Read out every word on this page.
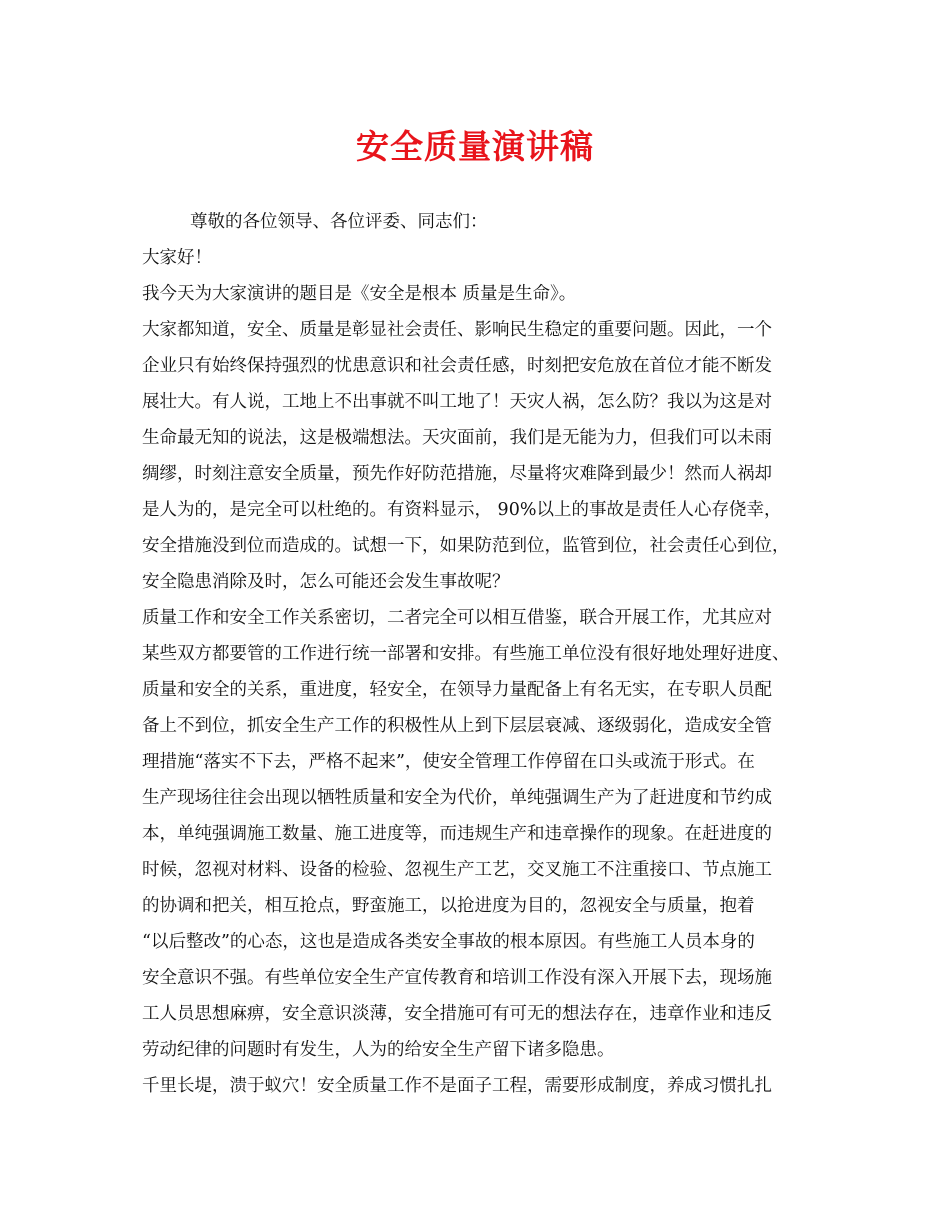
安全质量演讲稿
尊敬的各位领导、各位评委、同志们：
大家好！
我今天为大家演讲的题目是《安全是根本 质量是生命》。
大家都知道，安全、质量是彰显社会责任、影响民生稳定的重要问题。因此，一个
企业只有始终保持强烈的忧患意识和社会责任感，时刻把安危放在首位才能不断发
展壮大。有人说，工地上不出事就不叫工地了！天灾人祸，怎么防？我以为这是对
生命最无知的说法，这是极端想法。天灾面前，我们是无能为力，但我们可以未雨
绸缪，时刻注意安全质量，预先作好防范措施，尽量将灾难降到最少！然而人祸却
是人为的，是完全可以杜绝的。有资料显示， 90%以上的事故是责任人心存侥幸，
安全措施没到位而造成的。试想一下，如果防范到位，监管到位，社会责任心到位，
安全隐患消除及时，怎么可能还会发生事故呢？
质量工作和安全工作关系密切，二者完全可以相互借鉴，联合开展工作，尤其应对
某些双方都要管的工作进行统一部署和安排。有些施工单位没有很好地处理好进度、
质量和安全的关系，重进度，轻安全，在领导力量配备上有名无实，在专职人员配
备上不到位，抓安全生产工作的积极性从上到下层层衰减、逐级弱化，造成安全管
理措施“落实不下去，严格不起来”，使安全管理工作停留在口头或流于形式。在
生产现场往往会出现以牺牲质量和安全为代价，单纯强调生产为了赶进度和节约成
本，单纯强调施工数量、施工进度等，而违规生产和违章操作的现象。在赶进度的
时候，忽视对材料、设备的检验、忽视生产工艺，交叉施工不注重接口、节点施工
的协调和把关，相互抢点，野蛮施工，以抢进度为目的，忽视安全与质量，抱着
“以后整改”的心态，这也是造成各类安全事故的根本原因。有些施工人员本身的
安全意识不强。有些单位安全生产宣传教育和培训工作没有深入开展下去，现场施
工人员思想麻痹，安全意识淡薄，安全措施可有可无的想法存在，违章作业和违反
劳动纪律的问题时有发生，人为的给安全生产留下诸多隐患。
千里长堤，溃于蚁穴！安全质量工作不是面子工程，需要形成制度，养成习惯扎扎
